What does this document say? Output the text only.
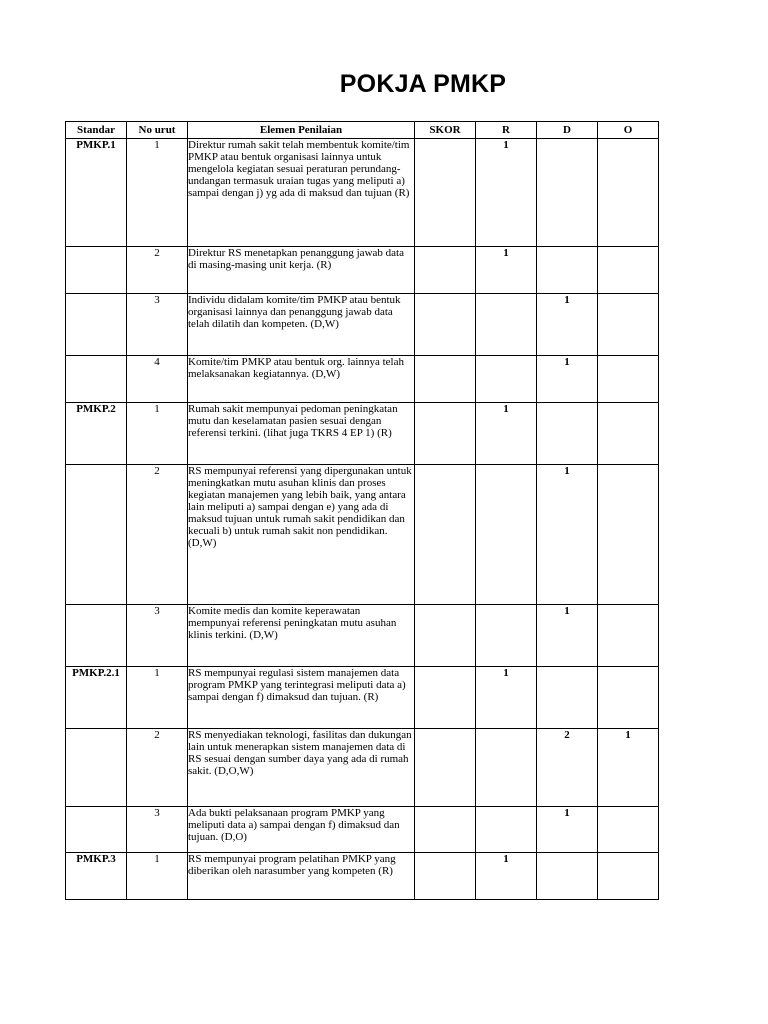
POKJA PMKP
Standar	No urut	Elemen Penilaian	SKOR	R	D	O
PMKP.1	1	Direktur rumah sakit telah membentuk komite/tim PMKP atau bentuk organisasi lainnya untuk mengelola kegiatan sesuai peraturan perundang-undangan termasuk uraian tugas yang meliputi a) sampai dengan j) yg ada di maksud dan tujuan (R)		1		
	2	Direktur RS menetapkan penanggung jawab data di masing-masing unit kerja. (R)		1		
	3	Individu didalam komite/tim PMKP atau bentuk organisasi lainnya dan penanggung jawab data telah dilatih dan kompeten. (D,W)			1	
	4	Komite/tim PMKP atau bentuk org. lainnya telah melaksanakan kegiatannya. (D,W)			1	
PMKP.2	1	Rumah sakit mempunyai pedoman peningkatan mutu dan keselamatan pasien sesuai dengan referensi terkini. (lihat juga TKRS 4 EP 1) (R)		1		
	2	RS mempunyai referensi yang dipergunakan untuk meningkatkan mutu asuhan klinis dan proses kegiatan manajemen yang lebih baik, yang antara lain meliputi a) sampai dengan e) yang ada di maksud tujuan untuk rumah sakit pendidikan dan kecuali b) untuk rumah sakit non pendidikan. (D,W)			1	
	3	Komite medis dan komite keperawatan mempunyai referensi peningkatan mutu asuhan klinis terkini. (D,W)			1	
PMKP.2.1	1	RS mempunyai regulasi sistem manajemen data program PMKP yang terintegrasi meliputi data a) sampai dengan f) dimaksud dan tujuan. (R)		1		
	2	RS menyediakan teknologi, fasilitas dan dukungan lain untuk menerapkan sistem manajemen data di RS sesuai dengan sumber daya yang ada di rumah sakit. (D,O,W)			2	1
	3	Ada bukti pelaksanaan program PMKP yang meliputi data a) sampai dengan f) dimaksud dan tujuan. (D,O)			1	
PMKP.3	1	RS mempunyai program pelatihan PMKP yang diberikan oleh narasumber yang kompeten (R)		1		
